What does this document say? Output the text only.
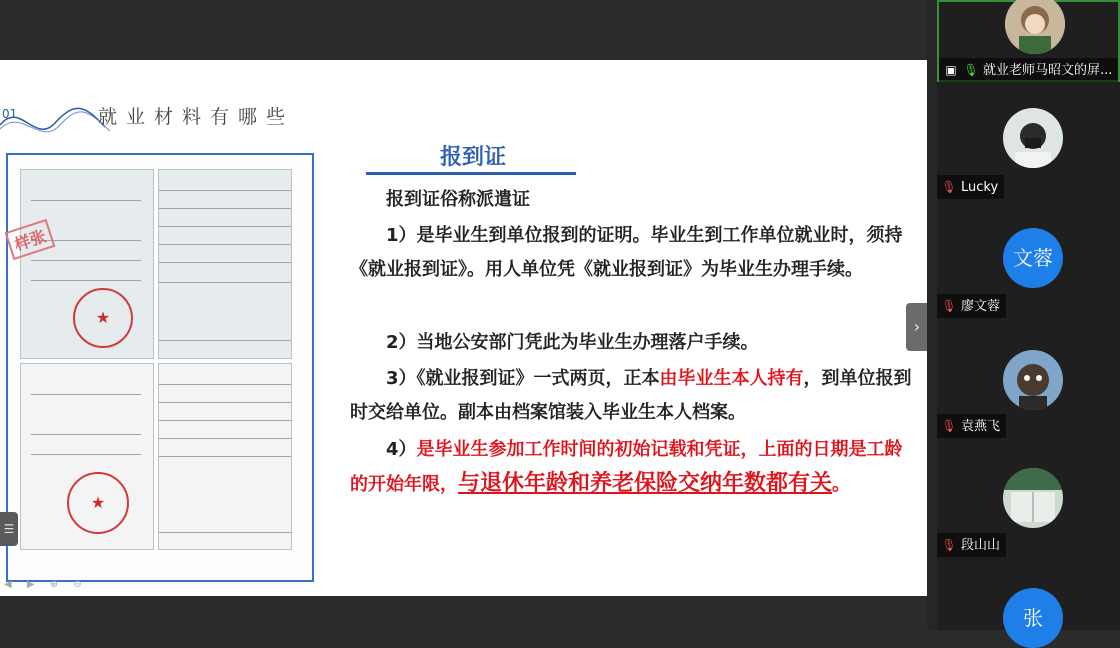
01	就业材料有哪些
★
★
样张
☰
◀ ▶ ⊕ ⊖
报到证
报到证俗称派遣证
1）是毕业生到单位报到的证明。毕业生到工作单位就业时，须持《就业报到证》。用人单位凭《就业报到证》为毕业生办理手续。
2）当地公安部门凭此为毕业生办理落户手续。
3）《就业报到证》一式两页，正本由毕业生本人持有，到单位报到时交给单位。副本由档案馆装入毕业生本人档案。
4）是毕业生参加工作时间的初始记载和凭证，上面的日期是工龄的开始年限，与退休年龄和养老保险交纳年数都有关。
›
▣ 🎙 就业老师马昭文的屏...
🎙 Lucky
文蓉
🎙 廖文蓉
🎙 袁燕飞
🎙 段山山
张
